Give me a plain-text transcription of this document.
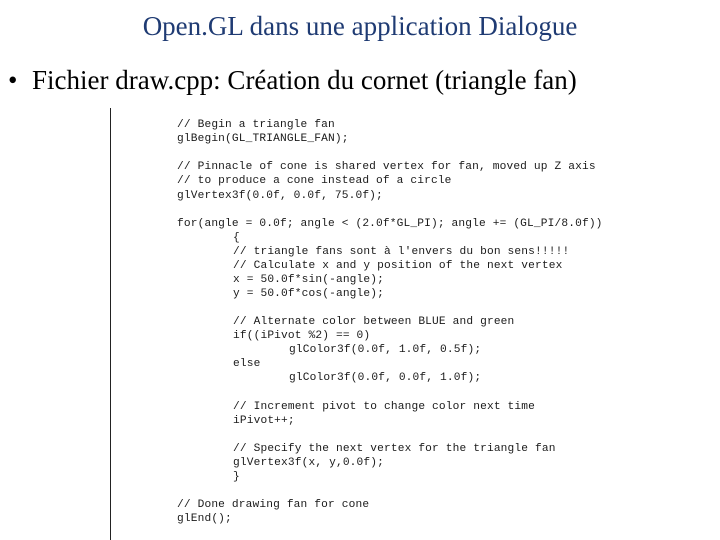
Open.GL dans une application Dialogue
• Fichier draw.cpp: Création du cornet (triangle fan)
// Begin a triangle fan
glBegin(GL_TRIANGLE_FAN);
// Pinnacle of cone is shared vertex for fan, moved up Z axis
// to produce a cone instead of a circle
glVertex3f(0.0f, 0.0f, 75.0f);
for(angle = 0.0f; angle < (2.0f*GL_PI); angle += (GL_PI/8.0f))
{
// triangle fans sont à l'envers du bon sens!!!!!
// Calculate x and y position of the next vertex
x = 50.0f*sin(-angle);
y = 50.0f*cos(-angle);
// Alternate color between BLUE and green
if((iPivot %2) == 0)
glColor3f(0.0f, 1.0f, 0.5f);
else
glColor3f(0.0f, 0.0f, 1.0f);
// Increment pivot to change color next time
iPivot++;
// Specify the next vertex for the triangle fan
glVertex3f(x, y,0.0f);
}
// Done drawing fan for cone
glEnd();
